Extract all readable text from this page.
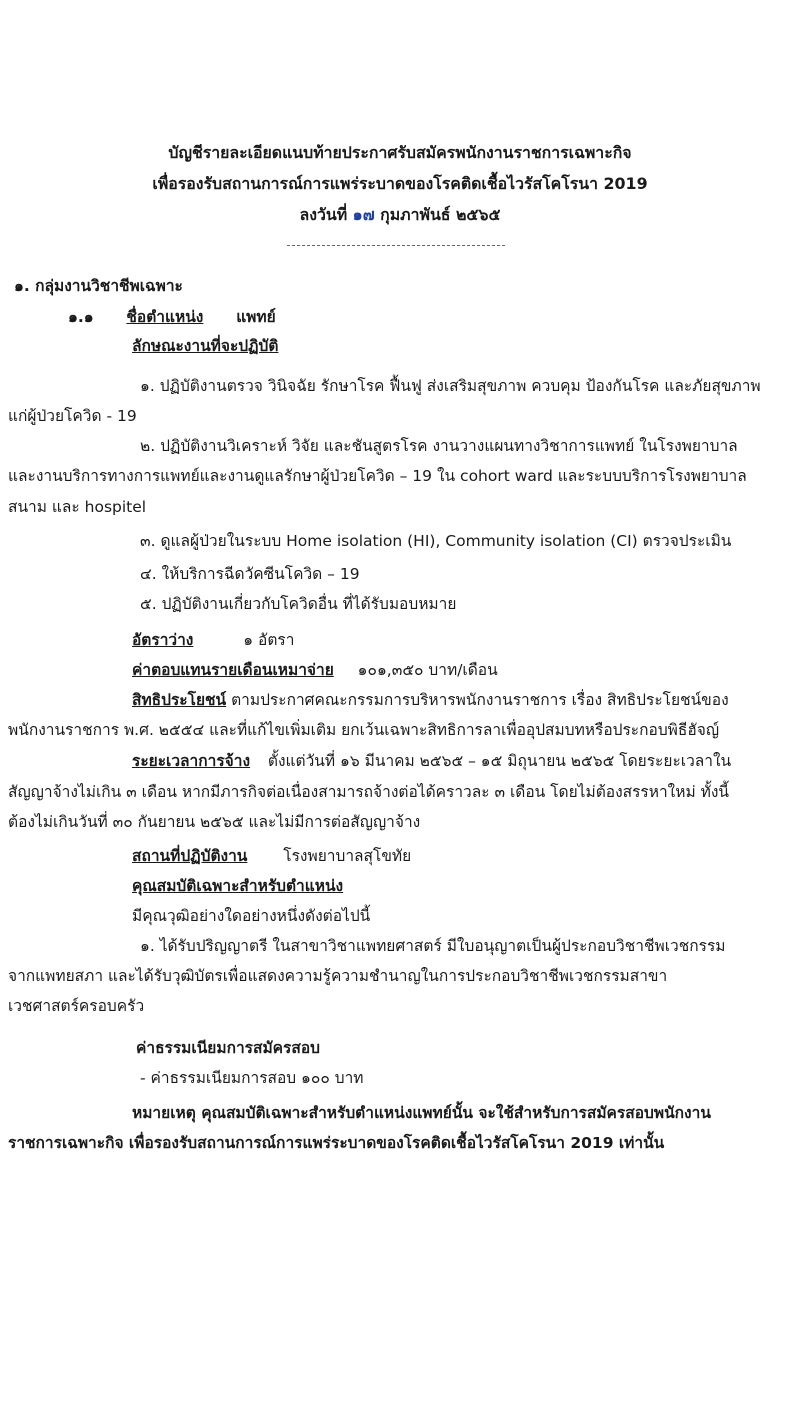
บัญชีรายละเอียดแนบท้ายประกาศรับสมัครพนักงานราชการเฉพาะกิจ
เพื่อรองรับสถานการณ์การแพร่ระบาดของโรคติดเชื้อไวรัสโคโรนา 2019
ลงวันที่ ๑๗ กุมภาพันธ์ ๒๕๖๕
๑. กลุ่มงานวิชาชีพเฉพาะ
๑.๑ ชื่อตำแหน่ง แพทย์
ลักษณะงานที่จะปฏิบัติ
๑. ปฏิบัติงานตรวจ วินิจฉัย รักษาโรค ฟื้นฟู ส่งเสริมสุขภาพ ควบคุม ป้องกันโรค และภัยสุขภาพ
แก่ผู้ป่วยโควิด - 19
๒. ปฏิบัติงานวิเคราะห์ วิจัย และชันสูตรโรค งานวางแผนทางวิชาการแพทย์ ในโรงพยาบาล
และงานบริการทางการแพทย์และงานดูแลรักษาผู้ป่วยโควิด – 19 ใน cohort ward และระบบบริการโรงพยาบาล
สนาม และ hospitel
๓. ดูแลผู้ป่วยในระบบ Home isolation (HI), Community isolation (CI) ตรวจประเมิน
๔. ให้บริการฉีดวัคซีนโควิด – 19
๕. ปฏิบัติงานเกี่ยวกับโควิดอื่น ที่ได้รับมอบหมาย
อัตราว่าง	๑ อัตรา
ค่าตอบแทนรายเดือนเหมาจ่าย ๑๐๑,๓๕๐ บาท/เดือน
สิทธิประโยชน์ ตามประกาศคณะกรรมการบริหารพนักงานราชการ เรื่อง สิทธิประโยชน์ของ
พนักงานราชการ พ.ศ. ๒๕๕๔ และที่แก้ไขเพิ่มเติม ยกเว้นเฉพาะสิทธิการลาเพื่ออุปสมบทหรือประกอบพิธีฮัจญ์
ระยะเวลาการจ้าง ตั้งแต่วันที่ ๑๖ มีนาคม ๒๕๖๕ – ๑๕ มิถุนายน ๒๕๖๕ โดยระยะเวลาใน
สัญญาจ้างไม่เกิน ๓ เดือน หากมีภารกิจต่อเนื่องสามารถจ้างต่อได้คราวละ ๓ เดือน โดยไม่ต้องสรรหาใหม่ ทั้งนี้
ต้องไม่เกินวันที่ ๓๐ กันยายน ๒๕๖๕ และไม่มีการต่อสัญญาจ้าง
สถานที่ปฏิบัติงาน โรงพยาบาลสุโขทัย
คุณสมบัติเฉพาะสำหรับตำแหน่ง
มีคุณวุฒิอย่างใดอย่างหนึ่งดังต่อไปนี้
๑. ได้รับปริญญาตรี ในสาขาวิชาแพทยศาสตร์ มีใบอนุญาตเป็นผู้ประกอบวิชาชีพเวชกรรม
จากแพทยสภา และได้รับวุฒิบัตรเพื่อแสดงความรู้ความชำนาญในการประกอบวิชาชีพเวชกรรมสาขา
เวชศาสตร์ครอบครัว
ค่าธรรมเนียมการสมัครสอบ
- ค่าธรรมเนียมการสอบ ๑๐๐ บาท
หมายเหตุ คุณสมบัติเฉพาะสำหรับตำแหน่งแพทย์นั้น จะใช้สำหรับการสมัครสอบพนักงาน
ราชการเฉพาะกิจ เพื่อรองรับสถานการณ์การแพร่ระบาดของโรคติดเชื้อไวรัสโคโรนา 2019 เท่านั้น
